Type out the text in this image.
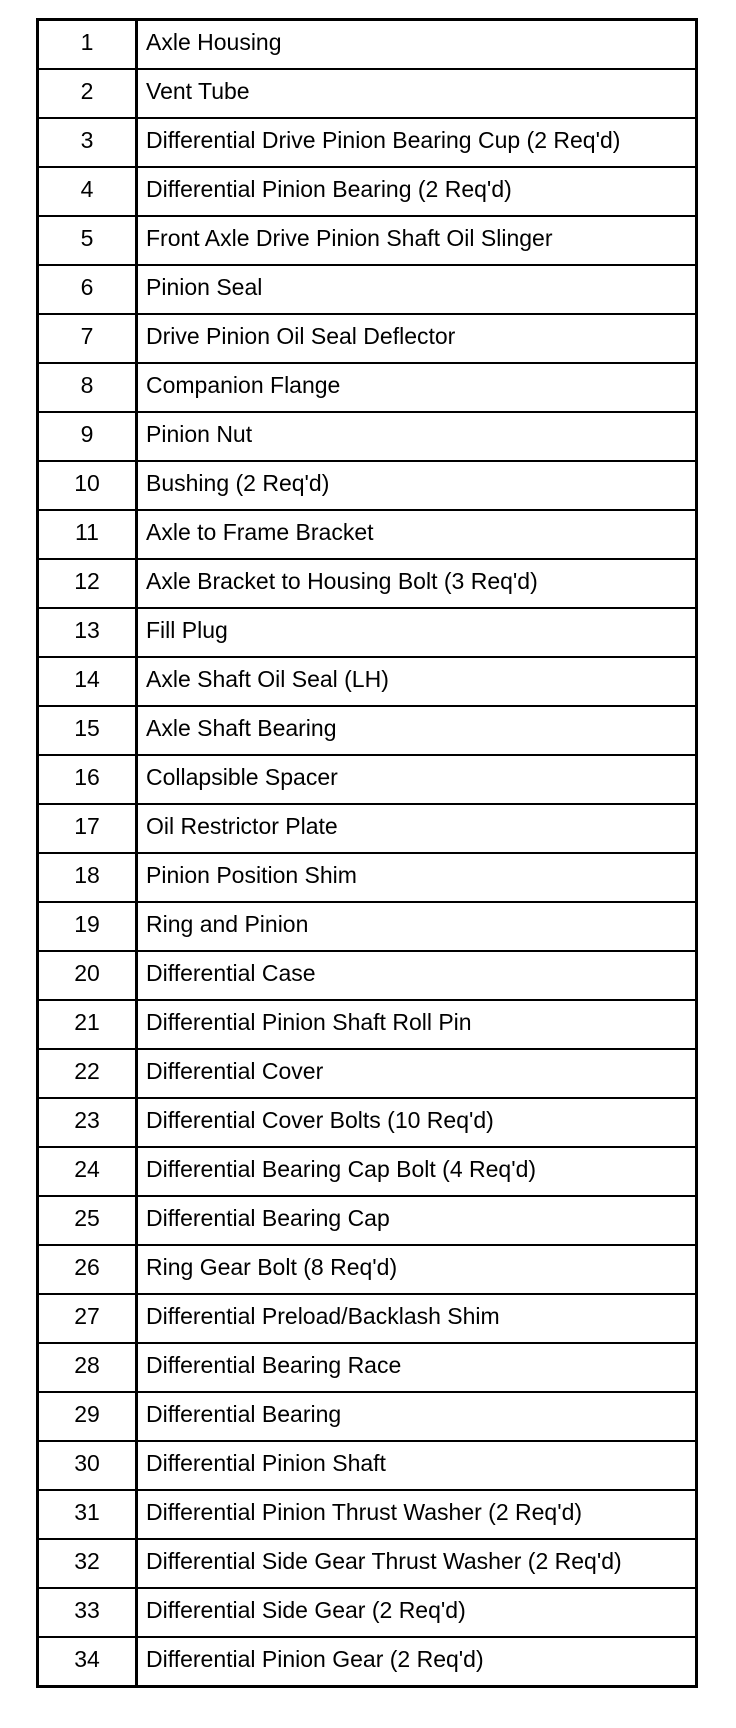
1	Axle Housing
2	Vent Tube
3	Differential Drive Pinion Bearing Cup (2 Req'd)
4	Differential Pinion Bearing (2 Req'd)
5	Front Axle Drive Pinion Shaft Oil Slinger
6	Pinion Seal
7	Drive Pinion Oil Seal Deflector
8	Companion Flange
9	Pinion Nut
10	Bushing (2 Req'd)
11	Axle to Frame Bracket
12	Axle Bracket to Housing Bolt (3 Req'd)
13	Fill Plug
14	Axle Shaft Oil Seal (LH)
15	Axle Shaft Bearing
16	Collapsible Spacer
17	Oil Restrictor Plate
18	Pinion Position Shim
19	Ring and Pinion
20	Differential Case
21	Differential Pinion Shaft Roll Pin
22	Differential Cover
23	Differential Cover Bolts (10 Req'd)
24	Differential Bearing Cap Bolt (4 Req'd)
25	Differential Bearing Cap
26	Ring Gear Bolt (8 Req'd)
27	Differential Preload/Backlash Shim
28	Differential Bearing Race
29	Differential Bearing
30	Differential Pinion Shaft
31	Differential Pinion Thrust Washer (2 Req'd)
32	Differential Side Gear Thrust Washer (2 Req'd)
33	Differential Side Gear (2 Req'd)
34	Differential Pinion Gear (2 Req'd)
